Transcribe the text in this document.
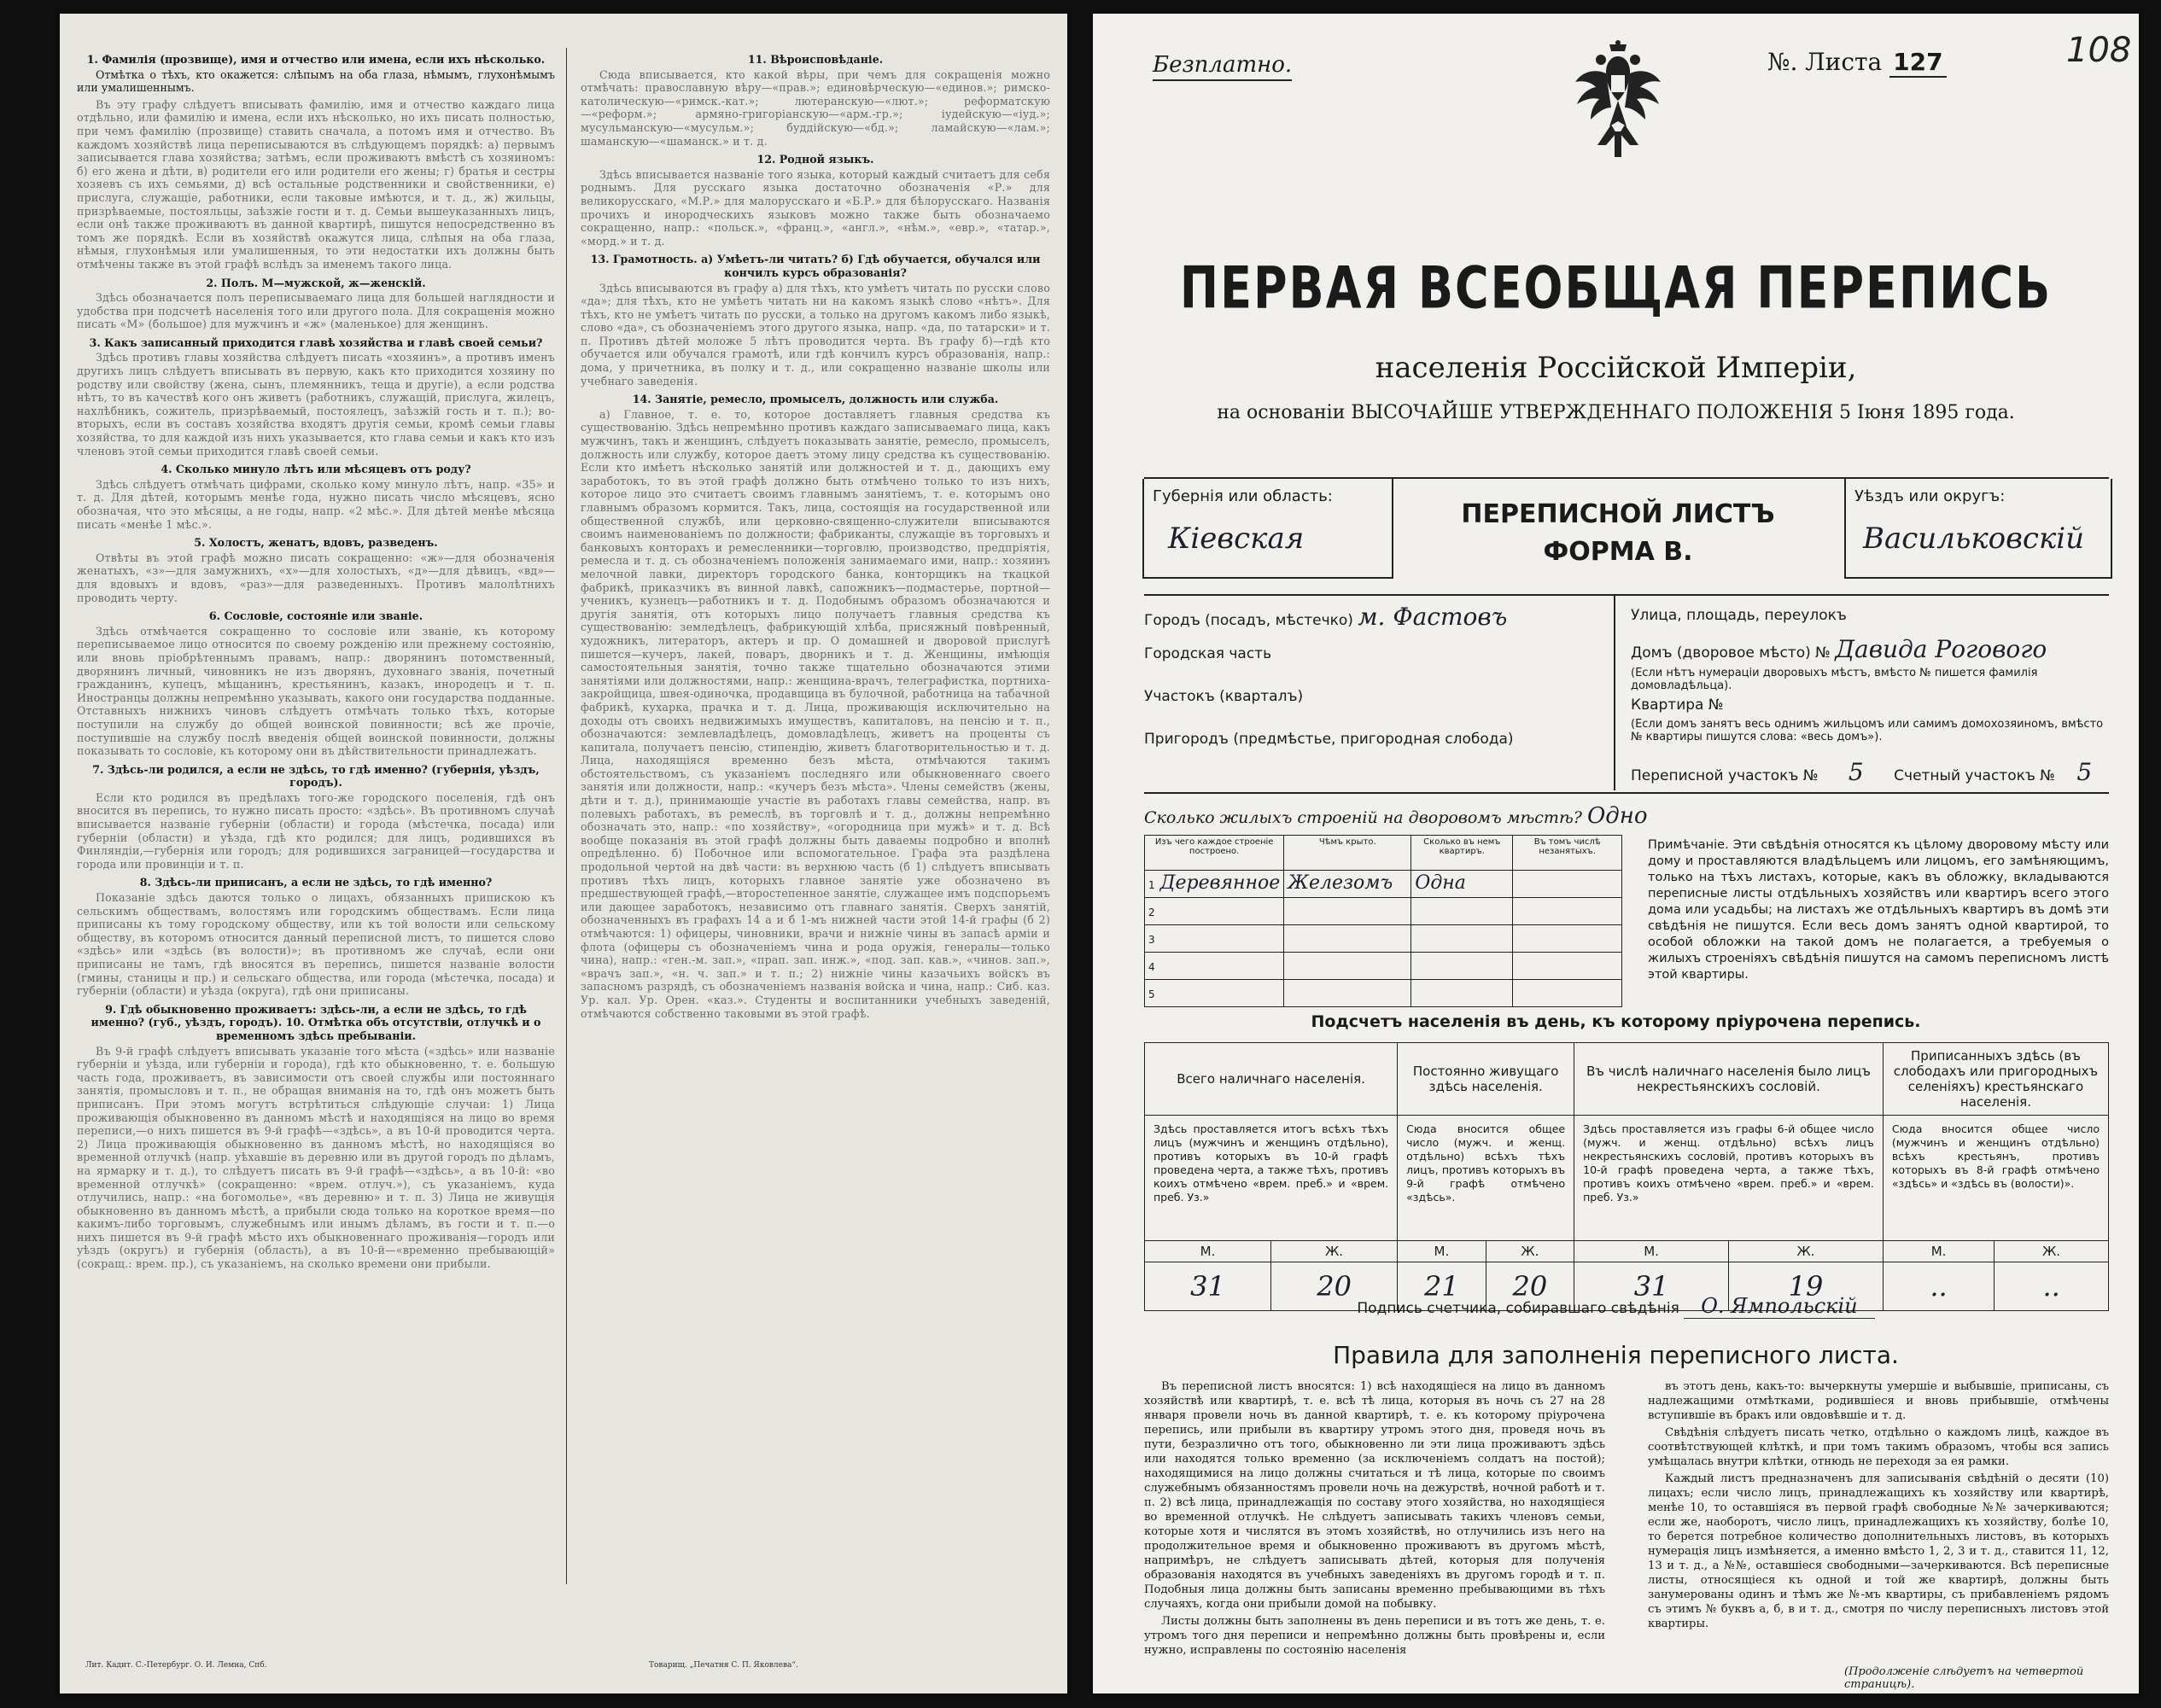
1. Фамилія (прозвище), имя и отчество или имена, если ихъ нѣсколько.
Отмѣтка о тѣхъ, кто окажется: слѣпымъ на оба глаза, нѣмымъ, глухонѣмымъ или умалишеннымъ.
Въ эту графу слѣдуетъ вписывать фамилію, имя и отчество каждаго лица отдѣльно, или фамилію и имена, если ихъ нѣсколько, но ихъ писать полностью, при чемъ фамилію (прозвище) ставить сначала, а потомъ имя и отчество. Въ каждомъ хозяйствѣ лица переписываются въ слѣдующемъ порядкѣ: а) первымъ записывается глава хозяйства; затѣмъ, если проживаютъ вмѣстѣ съ хозяиномъ: б) его жена и дѣти, в) родители его или родители его жены; г) братья и сестры хозяевъ съ ихъ семьями, д) всѣ остальные родственники и свойственники, е) прислуга, служащіе, работники, если таковые имѣются, и т. д., ж) жильцы, призрѣваемые, постояльцы, заѣзжіе гости и т. д. Семьи вышеуказанныхъ лицъ, если онѣ также проживаютъ въ данной квартирѣ, пишутся непосредственно въ томъ же порядкѣ. Если въ хозяйствѣ окажутся лица, слѣпыя на оба глаза, нѣмыя, глухонѣмыя или умалишенныя, то эти недостатки ихъ должны быть отмѣчены также въ этой графѣ вслѣдъ за именемъ такого лица.
2. Полъ. М—мужской, ж—женскій.
Здѣсь обозначается полъ переписываемаго лица для большей наглядности и удобства при подсчетѣ населенія того или другого пола. Для сокращенія можно писать «М» (большое) для мужчинъ и «ж» (маленькое) для женщинъ.
3. Какъ записанный приходится главѣ хозяйства и главѣ своей семьи?
Здѣсь противъ главы хозяйства слѣдуетъ писать «хозяинъ», а противъ именъ другихъ лицъ слѣдуетъ вписывать въ первую, какъ кто приходится хозяину по родству или свойству (жена, сынъ, племянникъ, теща и другіе), а если родства нѣтъ, то въ качествѣ кого онъ живетъ (работникъ, служащій, прислуга, жилецъ, нахлѣбникъ, сожитель, призрѣваемый, постоялецъ, заѣзжій гость и т. п.); во-вторыхъ, если въ составъ хозяйства входятъ другія семьи, кромѣ семьи главы хозяйства, то для каждой изъ нихъ указывается, кто глава семьи и какъ кто изъ членовъ этой семьи приходится главѣ своей семьи.
4. Сколько минуло лѣтъ или мѣсяцевъ отъ роду?
Здѣсь слѣдуетъ отмѣчать цифрами, сколько кому минуло лѣтъ, напр. «35» и т. д. Для дѣтей, которымъ менѣе года, нужно писать число мѣсяцевъ, ясно обозначая, что это мѣсяцы, а не годы, напр. «2 мѣс.». Для дѣтей менѣе мѣсяца писать «менѣе 1 мѣс.».
5. Холостъ, женатъ, вдовъ, разведенъ.
Отвѣты въ этой графѣ можно писать сокращенно: «ж»—для обозначенія женатыхъ, «з»—для замужнихъ, «х»—для холостыхъ, «д»—для дѣвицъ, «вд»—для вдовыхъ и вдовъ, «раз»—для разведенныхъ. Противъ малолѣтнихъ проводить черту.
6. Сословіе, состояніе или званіе.
Здѣсь отмѣчается сокращенно то сословіе или званіе, къ которому переписываемое лицо относится по своему рожденію или прежнему состоянію, или вновь пріобрѣтеннымъ правамъ, напр.: дворянинъ потомственный, дворянинъ личный, чиновникъ не изъ дворянъ, духовнаго званія, почетный гражданинъ, купецъ, мѣщанинъ, крестьянинъ, казакъ, инородецъ и т. п. Иностранцы должны непремѣнно указывать, какого они государства подданные. Отставныхъ нижнихъ чиновъ слѣдуетъ отмѣчать только тѣхъ, которые поступили на службу до общей воинской повинности; всѣ же прочіе, поступившіе на службу послѣ введенія общей воинской повинности, должны показывать то сословіе, къ которому они въ дѣйствительности принадлежатъ.
7. Здѣсь-ли родился, а если не здѣсь, то гдѣ именно? (губернія, уѣздъ, городъ).
Если кто родился въ предѣлахъ того-же городского поселенія, гдѣ онъ вносится въ перепись, то нужно писать просто: «здѣсь». Въ противномъ случаѣ вписывается названіе губерніи (области) и города (мѣстечка, посада) или губерніи (области) и уѣзда, гдѣ кто родился; для лицъ, родившихся въ Финляндіи,—губернія или городъ; для родившихся заграницей—государства и города или провинціи и т. п.
8. Здѣсь-ли приписанъ, а если не здѣсь, то гдѣ именно?
Показаніе здѣсь даются только о лицахъ, обязанныхъ припискою къ сельскимъ обществамъ, волостямъ или городскимъ обществамъ. Если лица приписаны къ тому городскому обществу, или къ той волости или сельскому обществу, въ которомъ относится данный переписной листъ, то пишется слово «здѣсь» или «здѣсь (въ волости)»; въ противномъ же случаѣ, если они приписаны не тамъ, гдѣ вносятся въ перепись, пишется названіе волости (гмины, станицы и пр.) и сельскаго общества, или города (мѣстечка, посада) и губерніи (области) и уѣзда (округа), гдѣ они приписаны.
9. Гдѣ обыкновенно проживаетъ: здѣсь-ли, а если не здѣсь, то гдѣ именно? (губ., уѣздъ, городъ). 10. Отмѣтка объ отсутствіи, отлучкѣ и о временномъ здѣсь пребываніи.
Въ 9-й графѣ слѣдуетъ вписывать указаніе того мѣста («здѣсь» или названіе губерніи и уѣзда, или губерніи и города), гдѣ кто обыкновенно, т. е. большую часть года, проживаетъ, въ зависимости отъ своей службы или постояннаго занятія, промысловъ и т. п., не обращая вниманія на то, гдѣ онъ можетъ быть приписанъ. При этомъ могутъ встрѣтиться слѣдующіе случаи: 1) Лица проживающія обыкновенно въ данномъ мѣстѣ и находящіяся на лицо во время переписи,—о нихъ пишется въ 9-й графѣ—«здѣсь», а въ 10-й проводится черта. 2) Лица проживающія обыкновенно въ данномъ мѣстѣ, но находящіяся во временной отлучкѣ (напр. уѣхавшіе въ деревню или въ другой городъ по дѣламъ, на ярмарку и т. д.), то слѣдуетъ писать въ 9-й графѣ—«здѣсь», а въ 10-й: «во временной отлучкѣ» (сокращенно: «врем. отлуч.»), съ указаніемъ, куда отлучились, напр.: «на богомолье», «въ деревню» и т. п. 3) Лица не живущія обыкновенно въ данномъ мѣстѣ, а прибыли сюда только на короткое время—по какимъ-либо торговымъ, служебнымъ или инымъ дѣламъ, въ гости и т. п.—о нихъ пишется въ 9-й графѣ мѣсто ихъ обыкновеннаго проживанія—городъ или уѣздъ (округъ) и губернія (область), а въ 10-й—«временно пребывающій» (сокращ.: врем. пр.), съ указаніемъ, на сколько времени они прибыли.
11. Вѣроисповѣданіе.
Сюда вписывается, кто какой вѣры, при чемъ для сокращенія можно отмѣчать: православную вѣру—«прав.»; единовѣрческую—«единов.»; римско-католическую—«римск.-кат.»; лютеранскую—«лют.»; реформатскую—«реформ.»; армяно-григоріанскую—«арм.-гр.»; іудейскую—«іуд.»; мусульманскую—«мусульм.»; буддійскую—«бд.»; ламайскую—«лам.»; шаманскую—«шаманск.» и т. д.
12. Родной языкъ.
Здѣсь вписывается названіе того языка, который каждый считаетъ для себя роднымъ. Для русскаго языка достаточно обозначенія «Р.» для великорусскаго, «М.Р.» для малорусскаго и «Б.Р.» для бѣлорусскаго. Названія прочихъ и инородческихъ языковъ можно также быть обозначаемо сокращенно, напр.: «польск.», «франц.», «англ.», «нѣм.», «евр.», «татар.», «морд.» и т. д.
13. Грамотность. а) Умѣетъ-ли читать? б) Гдѣ обучается, обучался или кончилъ курсъ образованія?
Здѣсь вписываются въ графу а) для тѣхъ, кто умѣетъ читать по русски слово «да»; для тѣхъ, кто не умѣетъ читать ни на какомъ языкѣ слово «нѣтъ». Для тѣхъ, кто не умѣетъ читать по русски, а только на другомъ какомъ либо языкѣ, слово «да», съ обозначеніемъ этого другого языка, напр. «да, по татарски» и т. п. Противъ дѣтей моложе 5 лѣтъ проводится черта. Въ графу б)—гдѣ кто обучается или обучался грамотѣ, или гдѣ кончилъ курсъ образованія, напр.: дома, у причетника, въ полку и т. д., или сокращенно названіе школы или учебнаго заведенія.
14. Занятіе, ремесло, промыселъ, должность или служба.
а) Главное, т. е. то, которое доставляетъ главныя средства къ существованію. Здѣсь непремѣнно противъ каждаго записываемаго лица, какъ мужчинъ, такъ и женщинъ, слѣдуетъ показывать занятіе, ремесло, промыселъ, должность или службу, которое даетъ этому лицу средства къ существованію. Если кто имѣетъ нѣсколько занятій или должностей и т. д., дающихъ ему заработокъ, то въ этой графѣ должно быть отмѣчено только то изъ нихъ, которое лицо это считаетъ своимъ главнымъ занятіемъ, т. е. которымъ оно главнымъ образомъ кормится. Такъ, лица, состоящія на государственной или общественной службѣ, или церковно-священно-служители вписываются своимъ наименованіемъ по должности; фабриканты, служащіе въ торговыхъ и банковыхъ конторахъ и ремесленники—торговлю, производство, предпріятія, ремесла и т. д. съ обозначеніемъ положенія занимаемаго ими, напр.: хозяинъ мелочной лавки, директоръ городского банка, конторщикъ на ткацкой фабрикѣ, приказчикъ въ винной лавкѣ, сапожникъ—подмастерье, портной—ученикъ, кузнецъ—работникъ и т. д. Подобнымъ образомъ обозначаются и другія занятія, отъ которыхъ лицо получаетъ главныя средства къ существованію: земледѣлецъ, фабрикующій хлѣба, присяжный повѣренный, художникъ, литераторъ, актеръ и пр. О домашней и дворовой прислугѣ пишется—кучеръ, лакей, поваръ, дворникъ и т. д. Женщины, имѣющія самостоятельныя занятія, точно также тщательно обозначаются этими занятіями или должностями, напр.: женщина-врачъ, телеграфистка, портниха-закройщица, швея-одиночка, продавщица въ булочной, работница на табачной фабрикѣ, кухарка, прачка и т. д. Лица, проживающія исключительно на доходы отъ своихъ недвижимыхъ имуществъ, капиталовъ, на пенсію и т. п., обозначаются: землевладѣлецъ, домовладѣлецъ, живетъ на проценты съ капитала, получаетъ пенсію, стипендію, живетъ благотворительностью и т. д. Лица, находящіяся временно безъ мѣста, отмѣчаются такимъ обстоятельствомъ, съ указаніемъ последняго или обыкновеннаго своего занятія или должности, напр.: «кучеръ безъ мѣста». Члены семействъ (жены, дѣти и т. д.), принимающіе участіе въ работахъ главы семейства, напр. въ полевыхъ работахъ, въ ремеслѣ, въ торговлѣ и т. д., должны непремѣнно обозначать это, напр.: «по хозяйству», «огородница при мужѣ» и т. д. Всѣ вообще показанія въ этой графѣ должны быть даваемы подробно и вполнѣ опредѣленно. б) Побочное или вспомогательное. Графа эта раздѣлена продольной чертой на двѣ части: въ верхнюю часть (б 1) слѣдуетъ вписывать противъ тѣхъ лицъ, которыхъ главное занятіе уже обозначено въ предшествующей графѣ,—второстепенное занятіе, служащее имъ подспорьемъ или дающее заработокъ, независимо отъ главнаго занятія. Сверхъ занятій, обозначенныхъ въ графахъ 14 а и б 1-мъ нижней части этой 14-й графы (б 2) отмѣчаются: 1) офицеры, чиновники, врачи и нижніе чины въ запасѣ арміи и флота (офицеры съ обозначеніемъ чина и рода оружія, генералы—только чина), напр.: «ген.-м. зап.», «прап. зап. инж.», «под. зап. кав.», «чинов. зап.», «врачъ зап.», «н. ч. зап.» и т. п.; 2) нижніе чины казачьихъ войскъ въ запасномъ разрядѣ, съ обозначеніемъ названія войска и чина, напр.: Сиб. каз. Ур. кал. Ур. Орен. «каз.». Студенты и воспитанники учебныхъ заведеній, отмѣчаются собственно таковыми въ этой графѣ.
Лит. Кадит. С.-Петербург. О. И. Лемна, Спб.	Товарищ. „Печатня С. П. Яковлева“.
Безплатно.	№. Листа 127	108
ПЕРВАЯ ВСЕОБЩАЯ ПЕРЕПИСЬ
населенія Россійской Имперіи,
на основаніи ВЫСОЧАЙШЕ УТВЕРЖДЕННАГО ПОЛОЖЕНІЯ 5 Іюня 1895 года.
Губернія или область:
Кіевская
ПЕРЕПИСНОЙ ЛИСТЪ
ФОРМА В.
Уѣздъ или округъ:
Васильковскій
Городъ (посадъ, мѣстечко) м. Фастовъ
Городская часть
Участокъ (кварталъ)
Пригородъ (предмѣстье, пригородная слобода)
Улица, площадь, переулокъ
Домъ (дворовое мѣсто) № Давида Рогового
(Если нѣтъ нумераціи дворовыхъ мѣстъ, вмѣсто № пишется фамилія домовладѣльца).
Квартира №
(Если домъ занятъ весь однимъ жильцомъ или самимъ домохозяиномъ, вмѣсто № квартиры пишутся слова: «весь домъ»).
Переписной участокъ № 5 Счетный участокъ № 5
Сколько жилыхъ строеній на дворовомъ мѣстѣ? Одно
Изъ чего каждое строеніе построено.	Чѣмъ крыто.	Сколько въ немъ квартиръ.	Въ томъ числѣ незанятыхъ.
1 Деревянное	Железомъ	Одна	
2			
3			
4			
5			
Примѣчаніе. Эти свѣдѣнія относятся къ цѣлому дворовому мѣсту или дому и проставляются владѣльцемъ или лицомъ, его замѣняющимъ, только на тѣхъ листахъ, которые, какъ въ обложку, вкладываются переписные листы отдѣльныхъ хозяйствъ или квартиръ всего этого дома или усадьбы; на листахъ же отдѣльныхъ квартиръ въ домѣ эти свѣдѣнія не пишутся. Если весь домъ занятъ одной квартирой, то особой обложки на такой домъ не полагается, а требуемыя о жилыхъ строеніяхъ свѣдѣнія пишутся на самомъ переписномъ листѣ этой квартиры.
Подсчетъ населенія въ день, къ которому пріурочена перепись.
Всего наличнаго населенія.		Постоянно живущаго здѣсь населенія.		Въ числѣ наличнаго населенія было лицъ некрестьянскихъ сословій.		Приписанныхъ здѣсь (въ слободахъ или пригородныхъ селеніяхъ) крестьянскаго населенія.	
Здѣсь проставляется итогъ всѣхъ тѣхъ лицъ (мужчинъ и женщинъ отдѣльно), противъ которыхъ въ 10-й графѣ проведена черта, а также тѣхъ, противъ коихъ отмѣчено «врем. преб.» и «врем. преб. Уз.»		Сюда вносится общее число (мужч. и женщ. отдѣльно) всѣхъ тѣхъ лицъ, противъ которыхъ въ 9-й графѣ отмѣчено «здѣсь».		Здѣсь проставляется изъ графы 6-й общее число (мужч. и женщ. отдѣльно) всѣхъ лицъ некрестьянскихъ сословій, противъ которыхъ въ 10-й графѣ проведена черта, а также тѣхъ, противъ коихъ отмѣчено «врем. преб.» и «врем. преб. Уз.»		Сюда вносится общее число (мужчинъ и женщинъ отдѣльно) всѣхъ крестьянъ, противъ которыхъ въ 8-й графѣ отмѣчено «здѣсь» и «здѣсь въ (волости)».	
М.	Ж.	М.	Ж.	М.	Ж.	М.	Ж.
31	20	21	20	31	19	..	..
Подпись счетчика, собиравшаго свѣдѣнія О. Ямпольскій
Правила для заполненія переписного листа.

Въ переписной листъ вносятся: 1) всѣ находящіеся на лицо въ данномъ хозяйствѣ или квартирѣ, т. е. всѣ тѣ лица, которыя въ ночь съ 27 на 28 января провели ночь въ данной квартирѣ, т. е. къ которому пріурочена перепись, или прибыли въ квартиру утромъ этого дня, проведя ночь въ пути, безразлично отъ того, обыкновенно ли эти лица проживаютъ здѣсь или находятся только временно (за исключеніемъ солдатъ на постой); находящимися на лицо должны считаться и тѣ лица, которые по своимъ служебнымъ обязанностямъ провели ночь на дежурствѣ, ночной работѣ и т. п. 2) всѣ лица, принадлежащія по составу этого хозяйства, но находящіеся во временной отлучкѣ. Не слѣдуетъ записывать такихъ членовъ семьи, которые хотя и числятся въ этомъ хозяйствѣ, но отлучились изъ него на продолжительное время и обыкновенно проживаютъ въ другомъ мѣстѣ, напримѣръ, не слѣдуетъ записывать дѣтей, которыя для полученія образованія находятся въ учебныхъ заведеніяхъ въ другомъ городѣ и т. п. Подобныя лица должны быть записаны временно пребывающими въ тѣхъ случаяхъ, когда они прибыли домой на побывку.

Листы должны быть заполнены въ день переписи и въ тотъ же день, т. е. утромъ того дня переписи и непремѣнно должны быть провѣрены и, если нужно, исправлены по состоянію населенія

въ этотъ день, какъ-то: вычеркнуты умершіе и выбывшіе, приписаны, съ надлежащими отмѣтками, родившіеся и вновь прибывшіе, отмѣчены вступившіе въ бракъ или овдовѣвшіе и т. д.

Свѣдѣнія слѣдуетъ писать четко, отдѣльно о каждомъ лицѣ, каждое въ соотвѣтствующей клѣткѣ, и при томъ такимъ образомъ, чтобы вся запись умѣщалась внутри клѣтки, отнюдь не переходя за ея рамки.

Каждый листъ предназначенъ для записыванія свѣдѣній о десяти (10) лицахъ; если число лицъ, принадлежащихъ къ хозяйству или квартирѣ, менѣе 10, то оставшіяся въ первой графѣ свободные №№ зачеркиваются; если же, наоборотъ, число лицъ, принадлежащихъ къ хозяйству, болѣе 10, то берется потребное количество дополнительныхъ листовъ, въ которыхъ нумерація лицъ измѣняется, а именно вмѣсто 1, 2, 3 и т. д., ставится 11, 12, 13 и т. д., а №№, оставшіеся свободными—зачеркиваются. Всѣ переписные листы, относящіеся къ одной и той же квартирѣ, должны быть занумерованы одинъ и тѣмъ же №-мъ квартиры, съ прибавленіемъ рядомъ съ этимъ № буквъ а, б, в и т. д., смотря по числу переписныхъ листовъ этой квартиры.

(Продолженіе слѣдуетъ на четвертой страницѣ).
